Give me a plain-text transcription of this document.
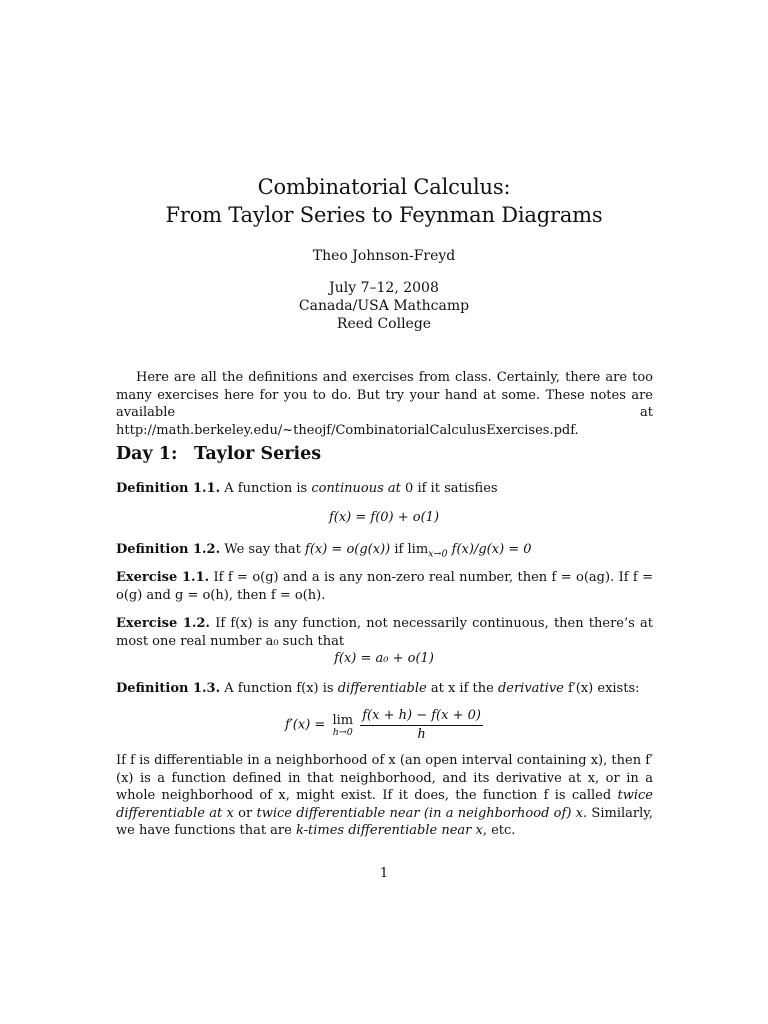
Combinatorial Calculus:
From Taylor Series to Feynman Diagrams
Theo Johnson-Freyd
July 7–12, 2008
Canada/USA Mathcamp
Reed College
Here are all the definitions and exercises from class. Certainly, there are too many exercises here for you to do. But try your hand at some. These notes are available at http://math.berkeley.edu/~theojf/CombinatorialCalculusExercises.pdf.
Day 1: Taylor Series
Definition 1.1. A function is continuous at 0 if it satisfies
f(x) = f(0) + o(1)
Definition 1.2. We say that f(x) = o(g(x)) if $\lim_{x\to 0} f(x)/g(x) = 0$
Exercise 1.1. If f = o(g) and a is any non-zero real number, then f = o(ag). If f = o(g) and g = o(h), then f = o(h).
Exercise 1.2. If f(x) is any function, not necessarily continuous, then there’s at most one real number a₀ such that
f(x) = a₀ + o(1)
Definition 1.3. A function f(x) is differentiable at x if the derivative f′(x) exists:
f′(x) = lim
h→0
$\frac{f(x + h) - f(x + 0)}{h}$
If f is differentiable in a neighborhood of x (an open interval containing x), then f′(x) is a function defined in that neighborhood, and its derivative at x, or in a whole neighborhood of x, might exist. If it does, the function f is called twice differentiable at x or twice differentiable near (in a neighborhood of) x. Similarly, we have functions that are k-times differentiable near x, etc.
1
